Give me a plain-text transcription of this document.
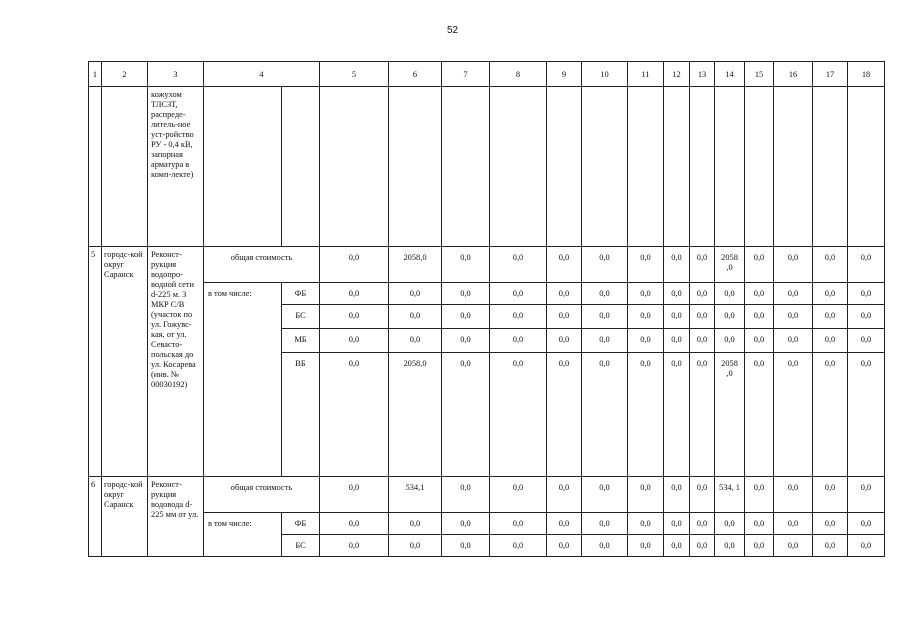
52
1	2	3	4		5	6	7	8	9	10	11	12	13	14	15	16	17	18
		кожухом ТЛСЗТ, распреде-литель-ное уст-ройство РУ - 0,4 кВ, запорная арматура в комп-лекте)																
5	городс-кой округ Саранск	Реконст-рукция водопро-водной сети d-225 м. 3 МКР С/В (участок по ул. Гожувс-кая, от ул. Севасто-польская до ул. Косарева (инв. № 00030192)	общая стоимость		0,0	2058,0	0,0	0,0	0,0	0,0	0,0	0,0	0,0	2058 ,0	0,0	0,0	0,0	0,0
			в том числе:	ФБ	0,0	0,0	0,0	0,0	0,0	0,0	0,0	0,0	0,0	0,0	0,0	0,0	0,0	0,0
				БС	0,0	0,0	0,0	0,0	0,0	0,0	0,0	0,0	0,0	0,0	0,0	0,0	0,0	0,0
				МБ	0,0	0,0	0,0	0,0	0,0	0,0	0,0	0,0	0,0	0,0	0,0	0,0	0,0	0,0
				ВБ	0,0	2058,0	0,0	0,0	0,0	0,0	0,0	0,0	0,0	2058 ,0	0,0	0,0	0,0	0,0
6	городс-кой округ Саранск	Реконст-рукция водовода d-225 мм от ул.	общая стоимость		0,0	534,1	0,0	0,0	0,0	0,0	0,0	0,0	0,0	534, 1	0,0	0,0	0,0	0,0
			в том числе:	ФБ	0,0	0,0	0,0	0,0	0,0	0,0	0,0	0,0	0,0	0,0	0,0	0,0	0,0	0,0
				БС	0,0	0,0	0,0	0,0	0,0	0,0	0,0	0,0	0,0	0,0	0,0	0,0	0,0	0,0
